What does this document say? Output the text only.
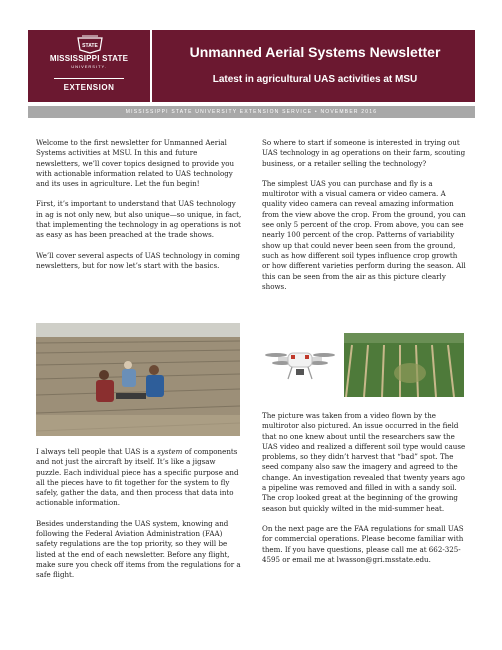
STATE
MISSISSIPPI STATE
UNIVERSITY.
EXTENSION
Unmanned Aerial Systems Newsletter
Latest in agricultural UAS activities at MSU
MISSISSIPPI STATE UNIVERSITY EXTENSION SERVICE • NOVEMBER 2016

Welcome to the first newsletter for Unmanned Aerial Systems activities at MSU. In this and future newsletters, we’ll cover topics designed to provide you with actionable information related to UAS technology and its uses in agriculture. Let the fun begin!

First, it’s important to understand that UAS technology in ag is not only new, but also unique—so unique, in fact, that implementing the technology in ag operations is not as easy as has been preached at the trade shows.

We’ll cover several aspects of UAS technology in coming newsletters, but for now let’s start with the basics.

I always tell people that UAS is a system of components and not just the aircraft by itself. It’s like a jigsaw puzzle. Each individual piece has a specific purpose and all the pieces have to fit together for the system to fly safely, gather the data, and then process that data into actionable information.

Besides understanding the UAS system, knowing and following the Federal Aviation Administration (FAA) safety regulations are the top priority, so they will be listed at the end of each newsletter. Before any flight, make sure you check off items from the regulations for a safe flight.

So where to start if someone is interested in trying out UAS technology in ag operations on their farm, scouting business, or a retailer selling the technology?

The simplest UAS you can purchase and fly is a multirotor with a visual camera or video camera. A quality video camera can reveal amazing information from the view above the crop. From the ground, you can see only 5 percent of the crop. From above, you can see nearly 100 percent of the crop. Patterns of variability show up that could never been seen from the ground, such as how different soil types influence crop growth or how different varieties perform during the season. All this can be seen from the air as this picture clearly shows.

The picture was taken from a video flown by the multirotor also pictured. An issue occurred in the field that no one knew about until the researchers saw the UAS video and realized a different soil type would cause problems, so they didn’t harvest that “bad” spot. The seed company also saw the imagery and agreed to the change. An investigation revealed that twenty years ago a pipeline was removed and filled in with a sandy soil. The crop looked great at the beginning of the growing season but quickly wilted in the mid-summer heat.

On the next page are the FAA regulations for small UAS for commercial operations. Please become familiar with them. If you have questions, please call me at 662-325-4595 or email me at lwasson@gri.msstate.edu.
